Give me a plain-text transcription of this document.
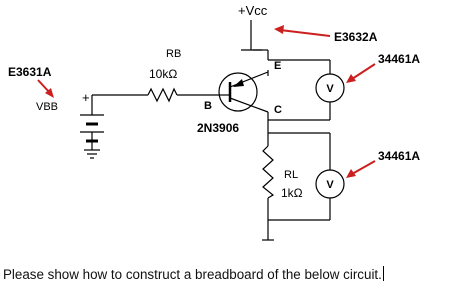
+Vcc
E3632A
E3631A
34461A
34461A
RB
10kΩ
VBB
+
E
B	C
2N3906
RL
1kΩ
V
V
Please show how to construct a breadboard of the below circuit.
